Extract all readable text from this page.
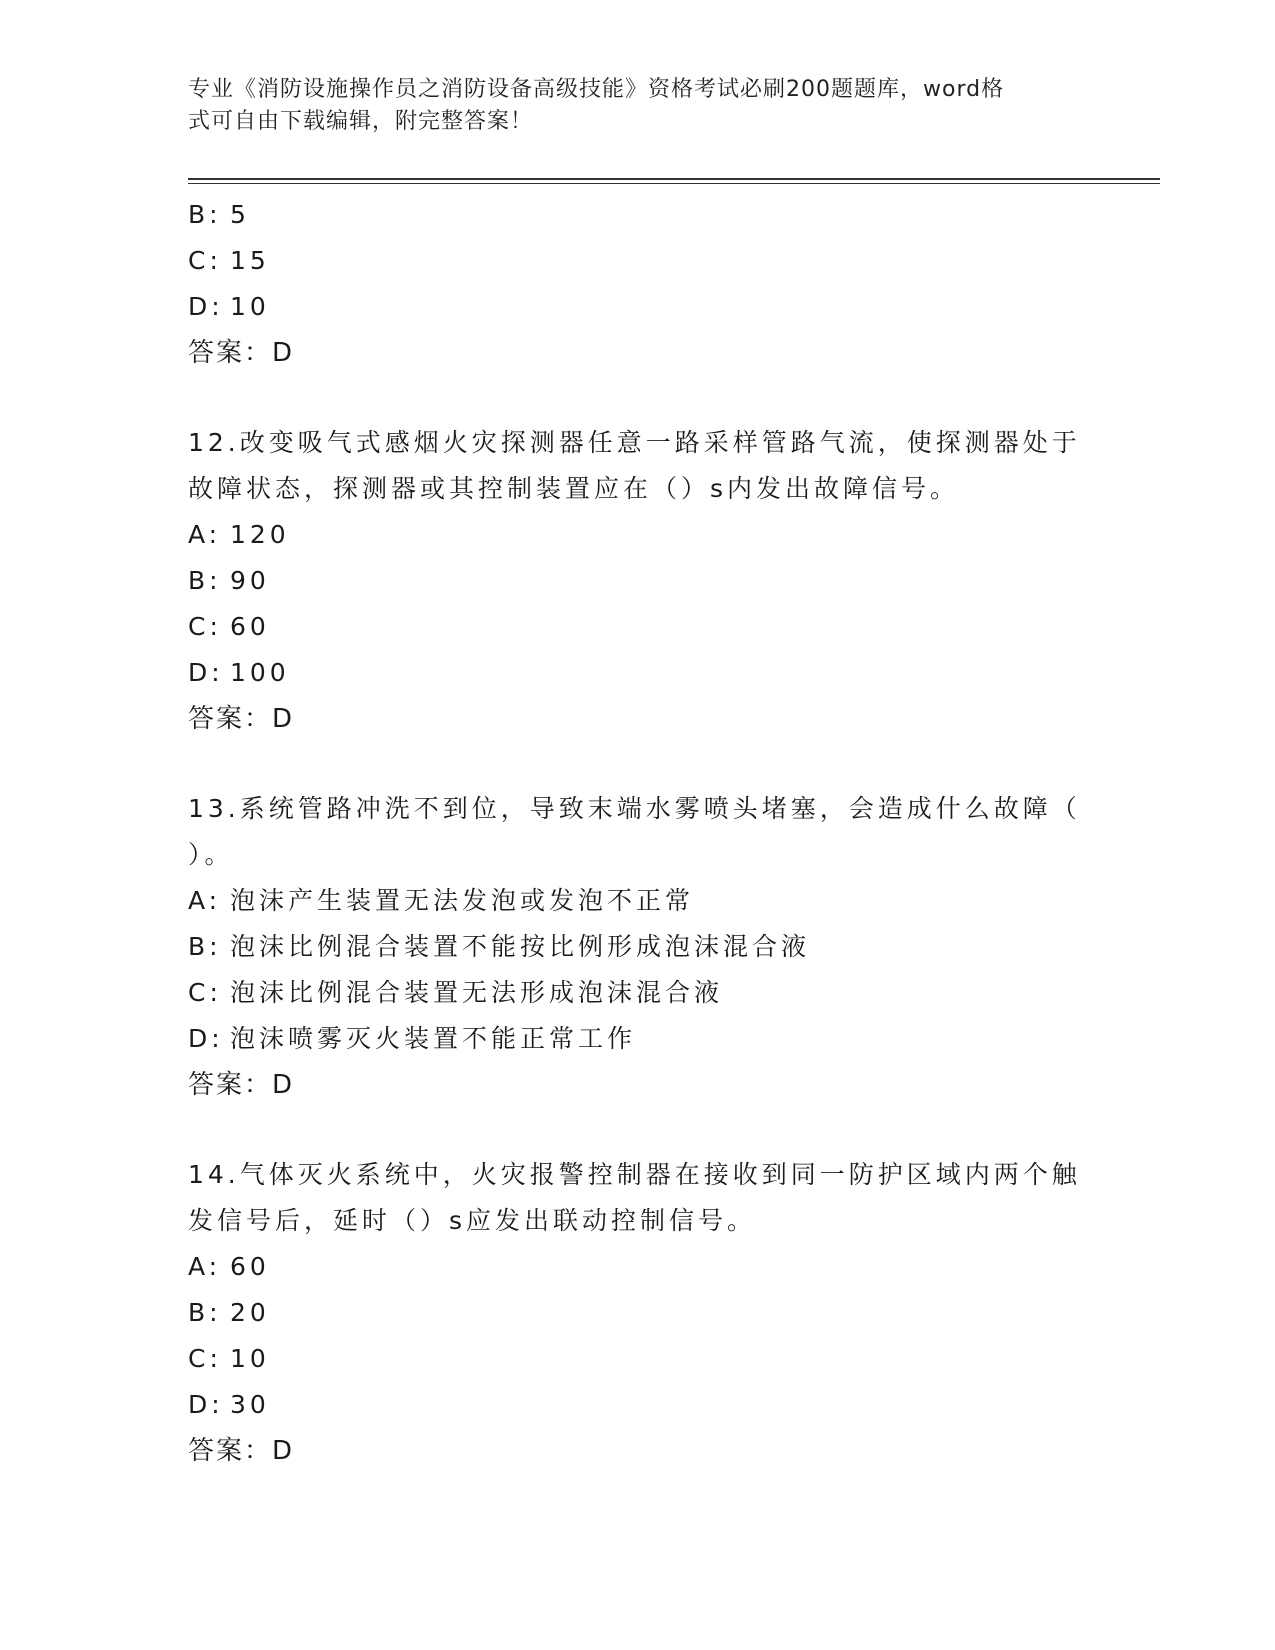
专业《消防设施操作员之消防设备高级技能》资格考试必刷200题题库，word格
式可自由下载编辑，附完整答案！
B: 5
C: 15
D: 10
答案：D
12.改变吸气式感烟火灾探测器任意一路采样管路气流，使探测器处于
故障状态，探测器或其控制装置应在（）s内发出故障信号。
A: 120
B: 90
C: 60
D: 100
答案：D
13.系统管路冲洗不到位，导致末端水雾喷头堵塞，会造成什么故障（
）。
A: 泡沫产生装置无法发泡或发泡不正常
B: 泡沫比例混合装置不能按比例形成泡沫混合液
C: 泡沫比例混合装置无法形成泡沫混合液
D: 泡沫喷雾灭火装置不能正常工作
答案：D
14.气体灭火系统中，火灾报警控制器在接收到同一防护区域内两个触
发信号后，延时（）s应发出联动控制信号。
A: 60
B: 20
C: 10
D: 30
答案：D
